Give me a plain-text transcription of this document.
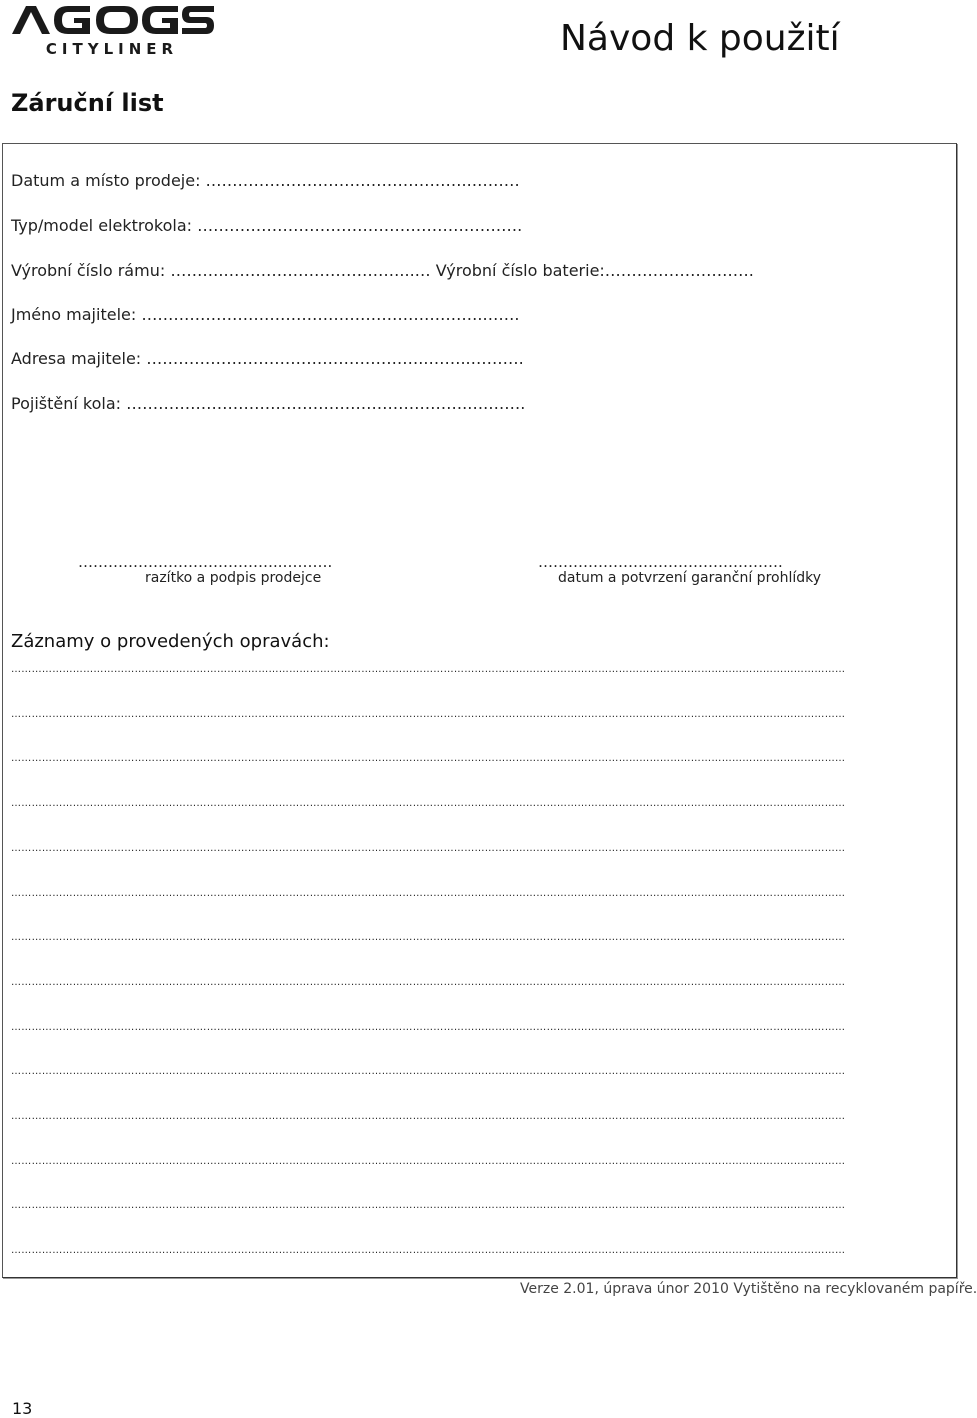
CITYLINER	Návod k použití
Záruční list
Datum a místo prodeje: …………………………………………..………
Typ/model elektrokola: …………………………………………………….
Výrobní číslo rámu: ……….……………………………...… Výrobní číslo baterie:……………………….
Jméno majitele: ……………………………………………………….…….
Adresa majitele: ……………………………………………..……..……….
Pojištění kola: ……………………………………………………….….…….
…………………………………..……….
razítko a podpis prodejce
………………………………………….
datum a potvrzení garanční prohlídky
Záznamy o provedených opravách:
………………………………………………………………………………………………………………………………………………………………………………………………………………………
………………………………………………………………………………………………………………………………………………………………………………………………………………………
………………………………………………………………………………………………………………………………………………………………………………………………………………………
………………………………………………………………………………………………………………………………………………………………………………………………………………………
………………………………………………………………………………………………………………………………………………………………………………………………………………………
………………………………………………………………………………………………………………………………………………………………………………………………………………………
………………………………………………………………………………………………………………………………………………………………………………………………………………………
………………………………………………………………………………………………………………………………………………………………………………………………………………………
………………………………………………………………………………………………………………………………………………………………………………………………………………………
………………………………………………………………………………………………………………………………………………………………………………………………………………………
………………………………………………………………………………………………………………………………………………………………………………………………………………………
………………………………………………………………………………………………………………………………………………………………………………………………………………………
………………………………………………………………………………………………………………………………………………………………………………………………………………………
………………………………………………………………………………………………………………………………………………………………………………………………………………………
Verze 2.01, úprava únor 2010 Vytištěno na recyklovaném papíře.
13
